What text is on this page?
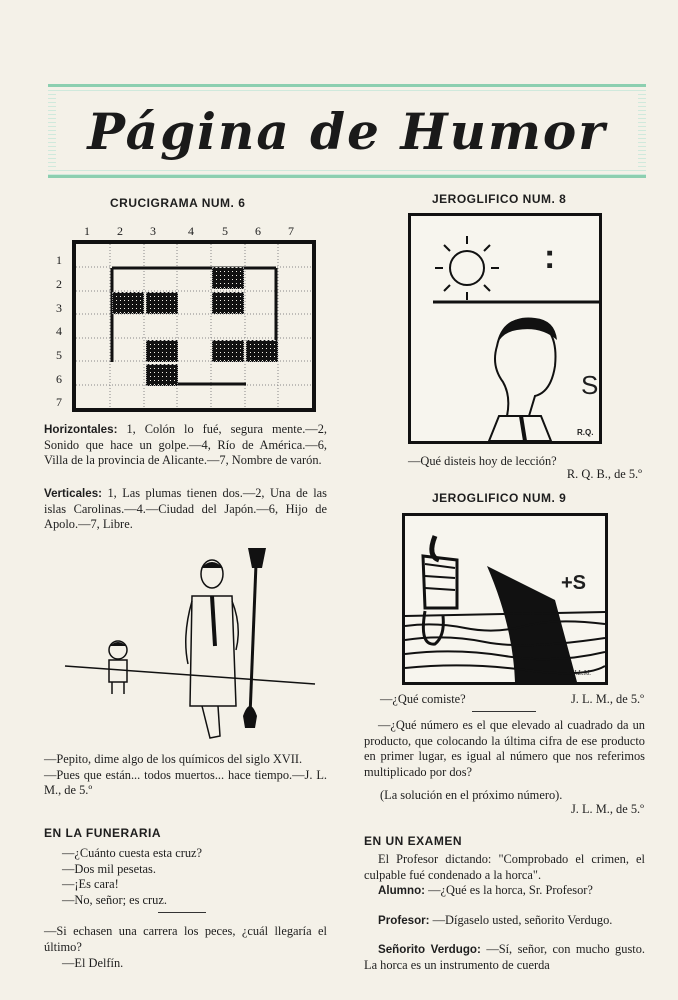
Página de Humor
CRUCIGRAMA NUM. 6
1 2 3	4 5 6 7
1
2
3
4
5
6
7

Horizontales: 1, Colón lo fué, segura mente.—2, Sonido que hace un golpe.—4, Río de América.—6, Villa de la provincia de Alicante.—7, Nombre de varón.

Verticales: 1, Las plumas tienen dos.—2, Una de las islas Carolinas.—4.—Ciudad del Japón.—6, Hijo de Apolo.—7, Libre.

—Pepito, dime algo de los químicos del siglo XVII.

—Pues que están... todos muertos... hace tiempo.—J. L. M., de 5.º

EN LA FUNERARIA

—¿Cuánto cuesta esta cruz?

—Dos mil pesetas.

—¡Es cara!

—No, señor; es cruz.

—Si echasen una carrera los peces, ¿cuál llegaría el último?

—El Delfín.

JEROGLIFICO NUM. 8
:
S
R.Q.

—Qué disteis hoy de lección?

R. Q. B., de 5.º

JEROGLIFICO NUM. 9
+S
J.L.M.
—¿Qué comiste?	J. L. M., de 5.º

—¿Qué número es el que elevado al cuadrado da un producto, que colocando la última cifra de ese producto en primer lugar, es igual al número que nos referimos multiplicado por dos?

(La solución en el próximo número).

J. L. M., de 5.º

EN UN EXAMEN

El Profesor dictando: "Comprobado el crimen, el culpable fué condenado a la horca".

Alumno: —¿Qué es la horca, Sr. Profesor?

Profesor: —Dígaselo usted, señorito Verdugo.

Señorito Verdugo: —Sí, señor, con mucho gusto. La horca es un instrumento de cuerda
